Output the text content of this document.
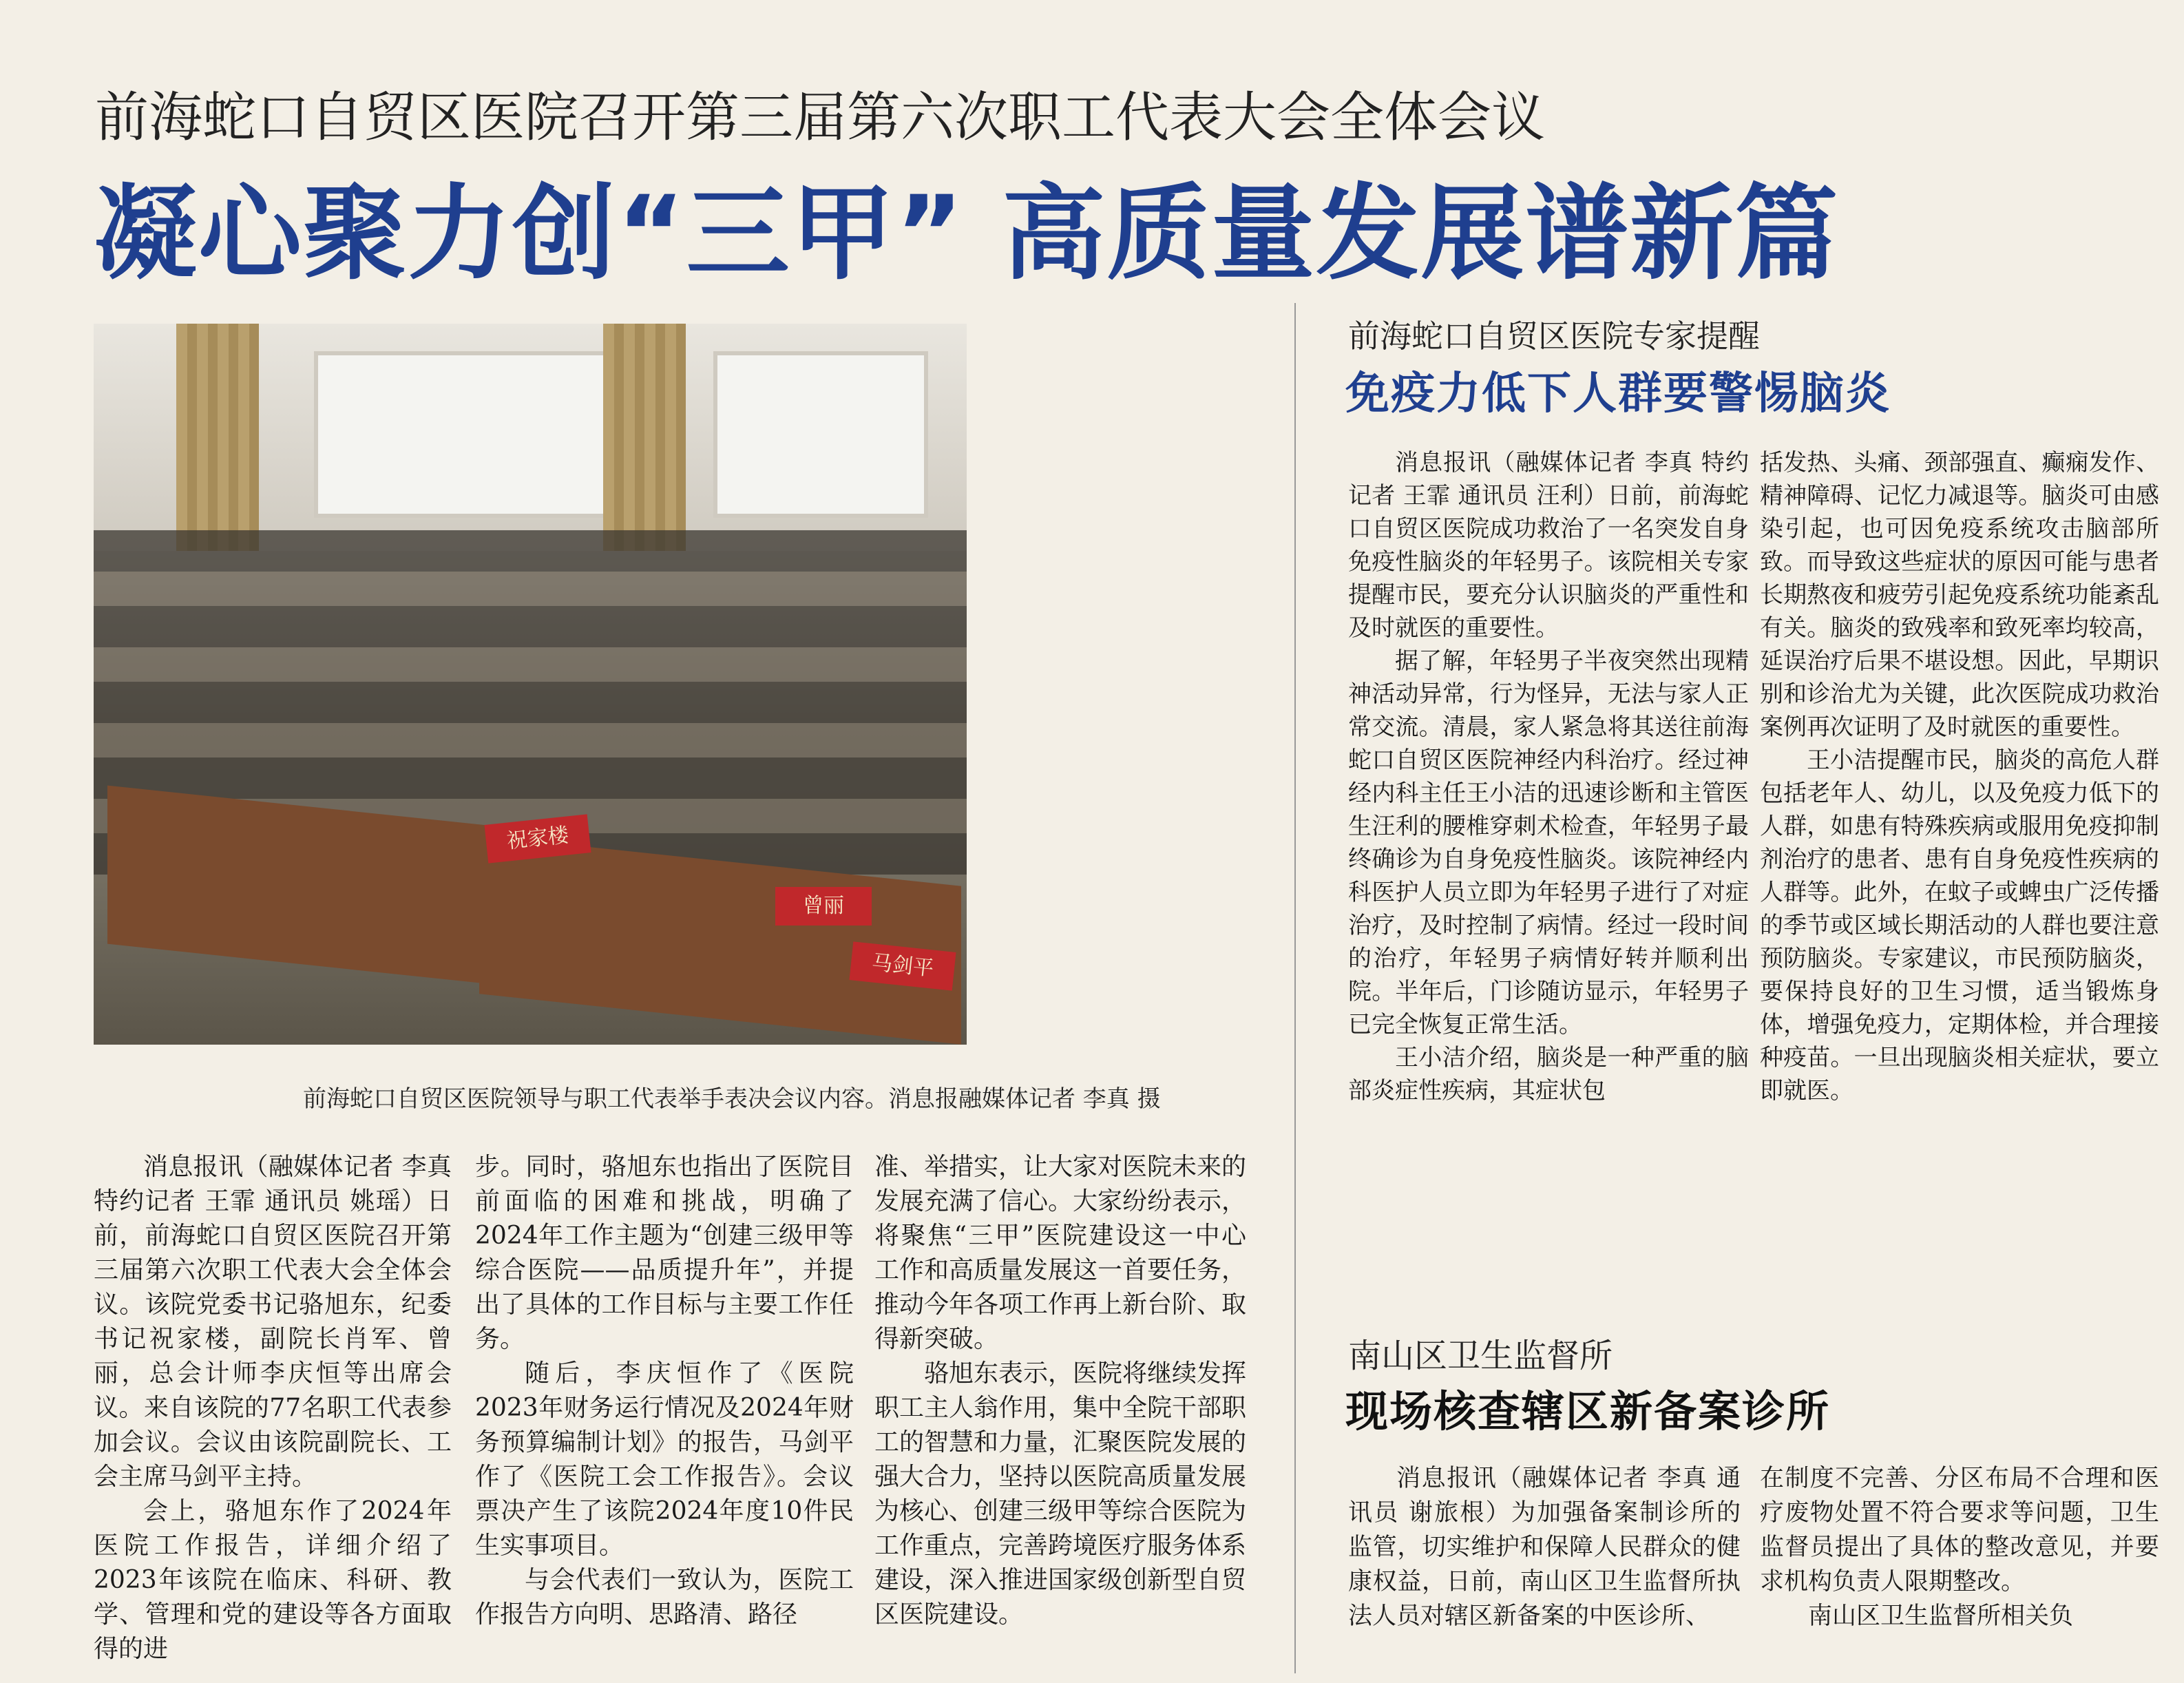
前海蛇口自贸区医院召开第三届第六次职工代表大会全体会议
凝心聚力创“三甲” 高质量发展谱新篇
祝家楼
曾丽
马剑平
前海蛇口自贸区医院领导与职工代表举手表决会议内容。消息报融媒体记者 李真 摄

消息报讯（融媒体记者 李真 特约记者 王霏 通讯员 姚瑶）日前，前海蛇口自贸区医院召开第三届第六次职工代表大会全体会议。该院党委书记骆旭东，纪委书记祝家楼，副院长肖军、曾丽，总会计师李庆恒等出席会议。来自该院的77名职工代表参加会议。会议由该院副院长、工会主席马剑平主持。

会上，骆旭东作了2024年医院工作报告，详细介绍了2023年该院在临床、科研、教学、管理和党的建设等各方面取得的进

步。同时，骆旭东也指出了医院目前面临的困难和挑战，明确了2024年工作主题为“创建三级甲等综合医院——品质提升年”，并提出了具体的工作目标与主要工作任务。

随后，李庆恒作了《医院2023年财务运行情况及2024年财务预算编制计划》的报告，马剑平作了《医院工会工作报告》。会议票决产生了该院2024年度10件民生实事项目。

与会代表们一致认为，医院工作报告方向明、思路清、路径

准、举措实，让大家对医院未来的发展充满了信心。大家纷纷表示，将聚焦“三甲”医院建设这一中心工作和高质量发展这一首要任务，推动今年各项工作再上新台阶、取得新突破。

骆旭东表示，医院将继续发挥职工主人翁作用，集中全院干部职工的智慧和力量，汇聚医院发展的强大合力，坚持以医院高质量发展为核心、创建三级甲等综合医院为工作重点，完善跨境医疗服务体系建设，深入推进国家级创新型自贸区医院建设。

前海蛇口自贸区医院专家提醒
免疫力低下人群要警惕脑炎

消息报讯（融媒体记者 李真 特约记者 王霏 通讯员 汪利）日前，前海蛇口自贸区医院成功救治了一名突发自身免疫性脑炎的年轻男子。该院相关专家提醒市民，要充分认识脑炎的严重性和及时就医的重要性。

据了解，年轻男子半夜突然出现精神活动异常，行为怪异，无法与家人正常交流。清晨，家人紧急将其送往前海蛇口自贸区医院神经内科治疗。经过神经内科主任王小洁的迅速诊断和主管医生汪利的腰椎穿刺术检查，年轻男子最终确诊为自身免疫性脑炎。该院神经内科医护人员立即为年轻男子进行了对症治疗，及时控制了病情。经过一段时间的治疗，年轻男子病情好转并顺利出院。半年后，门诊随访显示，年轻男子已完全恢复正常生活。

王小洁介绍，脑炎是一种严重的脑部炎症性疾病，其症状包

括发热、头痛、颈部强直、癫痫发作、精神障碍、记忆力减退等。脑炎可由感染引起，也可因免疫系统攻击脑部所致。而导致这些症状的原因可能与患者长期熬夜和疲劳引起免疫系统功能紊乱有关。脑炎的致残率和致死率均较高，延误治疗后果不堪设想。因此，早期识别和诊治尤为关键，此次医院成功救治案例再次证明了及时就医的重要性。

王小洁提醒市民，脑炎的高危人群包括老年人、幼儿，以及免疫力低下的人群，如患有特殊疾病或服用免疫抑制剂治疗的患者、患有自身免疫性疾病的人群等。此外，在蚊子或蜱虫广泛传播的季节或区域长期活动的人群也要注意预防脑炎。专家建议，市民预防脑炎，要保持良好的卫生习惯，适当锻炼身体，增强免疫力，定期体检，并合理接种疫苗。一旦出现脑炎相关症状，要立即就医。

南山区卫生监督所
现场核查辖区新备案诊所

消息报讯（融媒体记者 李真 通讯员 谢旅根）为加强备案制诊所的监管，切实维护和保障人民群众的健康权益，日前，南山区卫生监督所执法人员对辖区新备案的中医诊所、

在制度不完善、分区布局不合理和医疗废物处置不符合要求等问题，卫生监督员提出了具体的整改意见，并要求机构负责人限期整改。

南山区卫生监督所相关负
